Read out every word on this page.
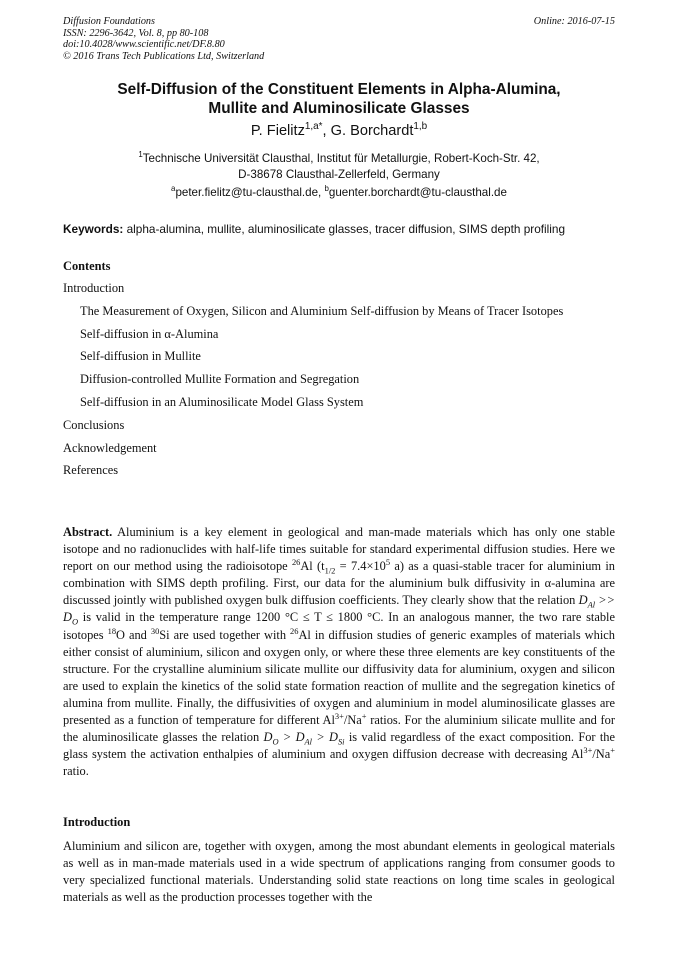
Diffusion Foundations
ISSN: 2296-3642, Vol. 8, pp 80-108
doi:10.4028/www.scientific.net/DF.8.80
© 2016 Trans Tech Publications Ltd, Switzerland
Online: 2016-07-15
Self-Diffusion of the Constituent Elements in Alpha-Alumina,
Mullite and Aluminosilicate Glasses
P. Fielitz$^{1,a*}$, G. Borchardt$^{1,b}$
$^1$Technische Universität Clausthal, Institut für Metallurgie, Robert-Koch-Str. 42,
D-38678 Clausthal-Zellerfeld, Germany
$^a$peter.fielitz@tu-clausthal.de, $^b$guenter.borchardt@tu-clausthal.de
Keywords: alpha-alumina, mullite, aluminosilicate glasses, tracer diffusion, SIMS depth profiling
Contents
Introduction
The Measurement of Oxygen, Silicon and Aluminium Self-diffusion by Means of Tracer Isotopes
Self-diffusion in α-Alumina
Self-diffusion in Mullite
Diffusion-controlled Mullite Formation and Segregation
Self-diffusion in an Aluminosilicate Model Glass System
Conclusions
Acknowledgement
References
Abstract. Aluminium is a key element in geological and man-made materials which has only one stable isotope and no radionuclides with half-life times suitable for standard experimental diffusion studies. Here we report on our method using the radioisotope $^{26}$Al ($t_{1/2} = 7.4\times 10^5$ a) as a quasi-stable tracer for aluminium in combination with SIMS depth profiling. First, our data for the aluminium bulk diffusivity in α-alumina are discussed jointly with published oxygen bulk diffusion coefficients. They clearly show that the relation $D_{Al} >> D_O$ is valid in the temperature range 1200 °C ≤ T ≤ 1800 °C. In an analogous manner, the two rare stable isotopes $^{18}$O and $^{30}$Si are used together with $^{26}$Al in diffusion studies of generic examples of materials which either consist of aluminium, silicon and oxygen only, or where these three elements are key constituents of the structure. For the crystalline aluminium silicate mullite our diffusivity data for aluminium, oxygen and silicon are used to explain the kinetics of the solid state formation reaction of mullite and the segregation kinetics of alumina from mullite. Finally, the diffusivities of oxygen and aluminium in model aluminosilicate glasses are presented as a function of temperature for different $Al^{3+}/Na^+$ ratios. For the aluminium silicate mullite and for the aluminosilicate glasses the relation $D_O > D_{Al} > D_{Si}$ is valid regardless of the exact composition. For the glass system the activation enthalpies of aluminium and oxygen diffusion decrease with decreasing $Al^{3+}/Na^+$ ratio.
Introduction
Aluminium and silicon are, together with oxygen, among the most abundant elements in geological materials as well as in man-made materials used in a wide spectrum of applications ranging from consumer goods to very specialized functional materials. Understanding solid state reactions on long time scales in geological materials as well as the production processes together with the
